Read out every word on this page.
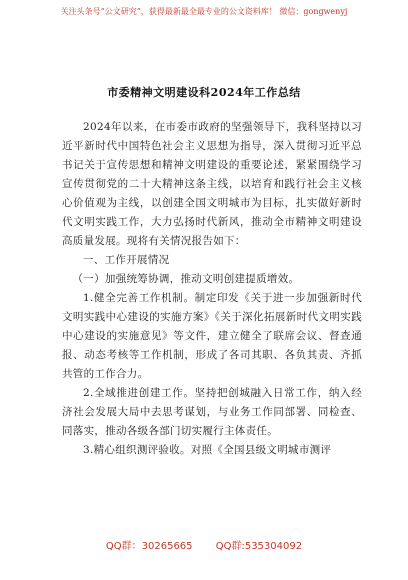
关注头条号“公文研究”，获得最新最全最专业的公文资料库！ 微信：gongwenyj
市委精神文明建设科2024年工作总结

2024年以来，在市委市政府的坚强领导下，我科坚持以习近平新时代中国特色社会主义思想为指导，深入贯彻习近平总书记关于宣传思想和精神文明建设的重要论述，紧紧围绕学习宣传贯彻党的二十大精神这条主线，以培育和践行社会主义核心价值观为主线，以创建全国文明城市为目标，扎实做好新时代文明实践工作，大力弘扬时代新风，推动全市精神文明建设高质量发展。现将有关情况报告如下：

一、工作开展情况

（一）加强统筹协调，推动文明创建提质增效。

1.健全完善工作机制。制定印发《关于进一步加强新时代文明实践中心建设的实施方案》《关于深化拓展新时代文明实践中心建设的实施意见》等文件，建立健全了联席会议、督查通报、动态考核等工作机制，形成了各司其职、各负其责、齐抓共管的工作合力。

2.全域推进创建工作。坚持把创城融入日常工作，纳入经济社会发展大局中去思考谋划，与业务工作同部署、同检查、同落实，推动各级各部门切实履行主体责任。

3.精心组织测评验收。对照《全国县级文明城市测评

QQ群：30265665 QQ群:535304092
